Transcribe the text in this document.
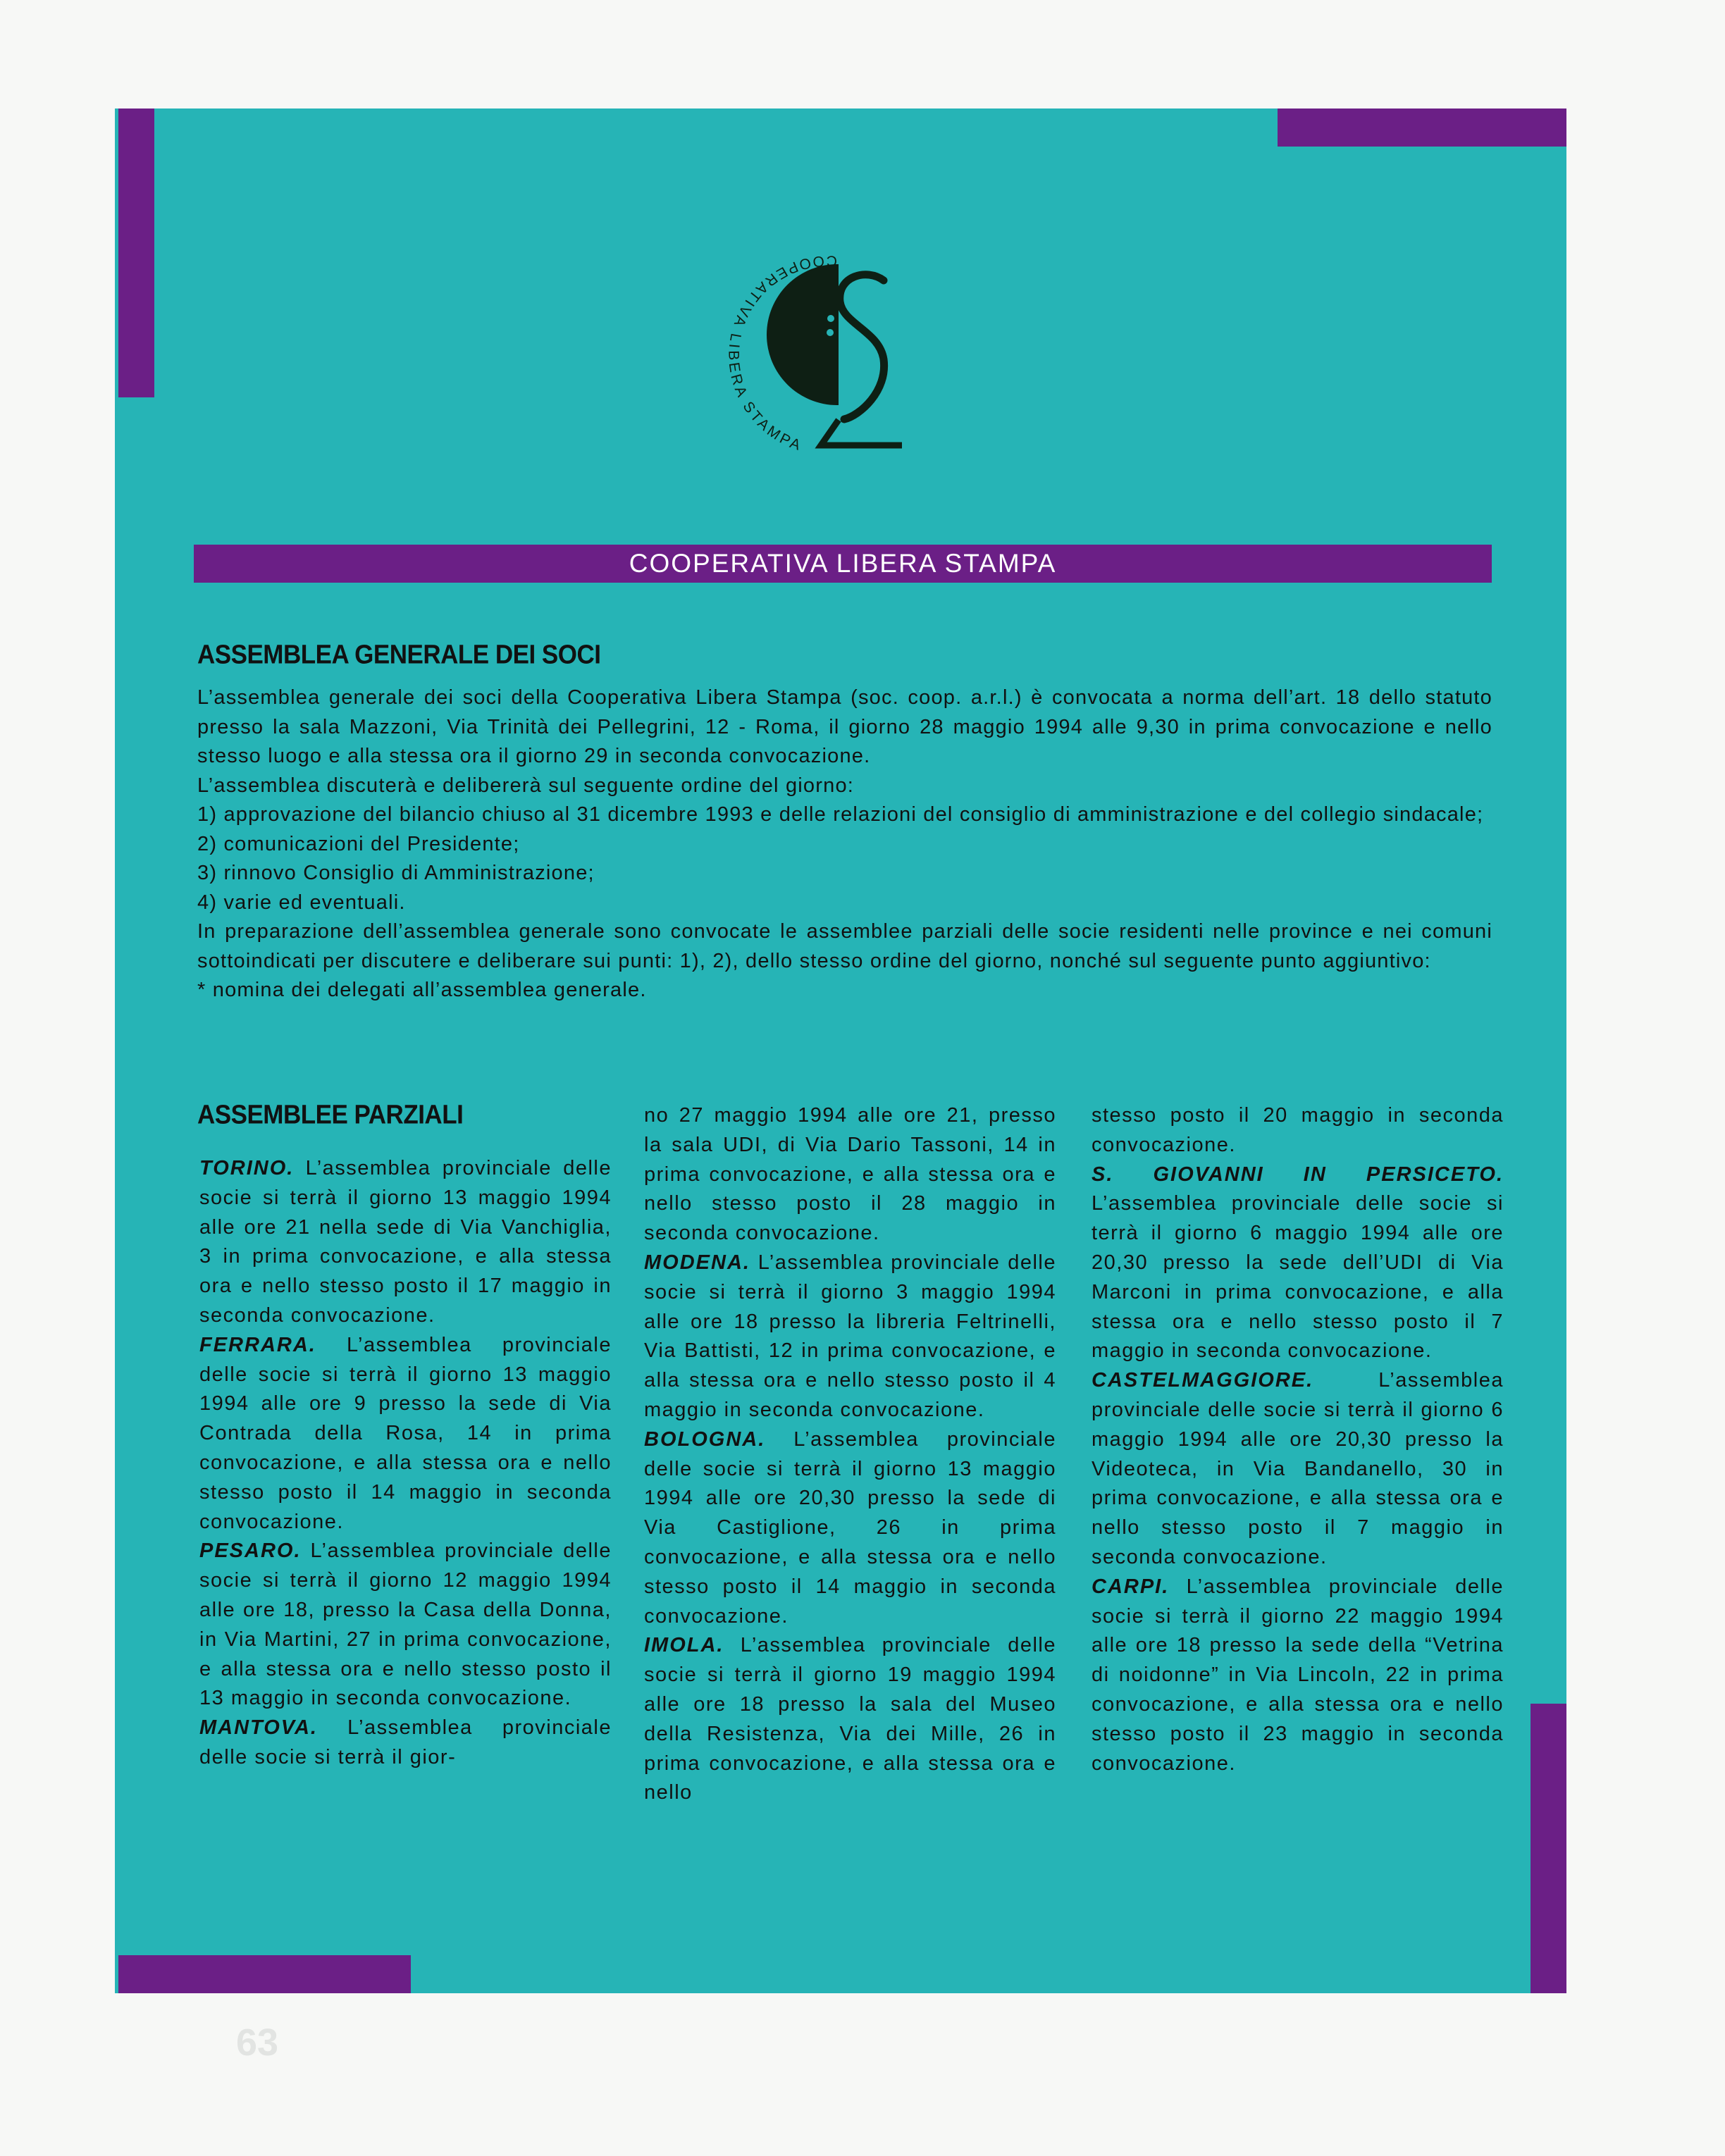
COOPERATIVA LIBERA STAMPA
COOPERATIVA LIBERA STAMPA
ASSEMBLEA GENERALE DEI SOCI

L’assemblea generale dei soci della Cooperativa Libera Stampa (soc. coop. a.r.l.) è convocata a norma dell’art. 18 dello statuto presso la sala Mazzoni, Via Trinità dei Pellegrini, 12 - Roma, il giorno 28 maggio 1994 alle 9,30 in prima convocazione e nello stesso luogo e alla stessa ora il giorno 29 in seconda convocazione.

L’assemblea discuterà e delibererà sul seguente ordine del giorno:

1) approvazione del bilancio chiuso al 31 dicembre 1993 e delle relazioni del consiglio di amministrazione e del collegio sindacale;

2) comunicazioni del Presidente;

3) rinnovo Consiglio di Amministrazione;

4) varie ed eventuali.

In preparazione dell’assemblea generale sono convocate le assemblee parziali delle socie residenti nelle province e nei comuni sottoindicati per discutere e deliberare sui punti: 1), 2), dello stesso ordine del giorno, nonché sul seguente punto aggiuntivo:

* nomina dei delegati all’assemblea generale.

ASSEMBLEE PARZIALI

TORINO. L’assemblea provinciale delle socie si terrà il giorno 13 maggio 1994 alle ore 21 nella sede di Via Vanchiglia, 3 in prima convocazione, e alla stessa ora e nello stesso posto il 17 maggio in seconda convocazione.

FERRARA. L’assemblea provinciale delle socie si terrà il giorno 13 maggio 1994 alle ore 9 presso la sede di Via Contrada della Rosa, 14 in prima convocazione, e alla stessa ora e nello stesso posto il 14 maggio in seconda convocazione.

PESARO. L’assemblea provinciale delle socie si terrà il giorno 12 maggio 1994 alle ore 18, presso la Casa della Donna, in Via Martini, 27 in prima convocazione, e alla stessa ora e nello stesso posto il 13 maggio in seconda convocazione.

MANTOVA. L’assemblea provinciale delle socie si terrà il gior-

no 27 maggio 1994 alle ore 21, presso la sala UDI, di Via Dario Tassoni, 14 in prima convocazione, e alla stessa ora e nello stesso posto il 28 maggio in seconda convocazione.

MODENA. L’assemblea provinciale delle socie si terrà il giorno 3 maggio 1994 alle ore 18 presso la libreria Feltrinelli, Via Battisti, 12 in prima convocazione, e alla stessa ora e nello stesso posto il 4 maggio in seconda convocazione.

BOLOGNA. L’assemblea provinciale delle socie si terrà il giorno 13 maggio 1994 alle ore 20,30 presso la sede di Via Castiglione, 26 in prima convocazione, e alla stessa ora e nello stesso posto il 14 maggio in seconda convocazione.

IMOLA. L’assemblea provinciale delle socie si terrà il giorno 19 maggio 1994 alle ore 18 presso la sala del Museo della Resistenza, Via dei Mille, 26 in prima convocazione, e alla stessa ora e nello

stesso posto il 20 maggio in seconda convocazione.

S. GIOVANNI IN PERSICETO. L’assemblea provinciale delle socie si terrà il giorno 6 maggio 1994 alle ore 20,30 presso la sede dell’UDI di Via Marconi in prima convocazione, e alla stessa ora e nello stesso posto il 7 maggio in seconda convocazione.

CASTELMAGGIORE. L’assemblea provinciale delle socie si terrà il giorno 6 maggio 1994 alle ore 20,30 presso la Videoteca, in Via Bandanello, 30 in prima convocazione, e alla stessa ora e nello stesso posto il 7 maggio in seconda convocazione.

CARPI. L’assemblea provinciale delle socie si terrà il giorno 22 maggio 1994 alle ore 18 presso la sede della “Vetrina di noidonne” in Via Lincoln, 22 in prima convocazione, e alla stessa ora e nello stesso posto il 23 maggio in seconda convocazione.

63
